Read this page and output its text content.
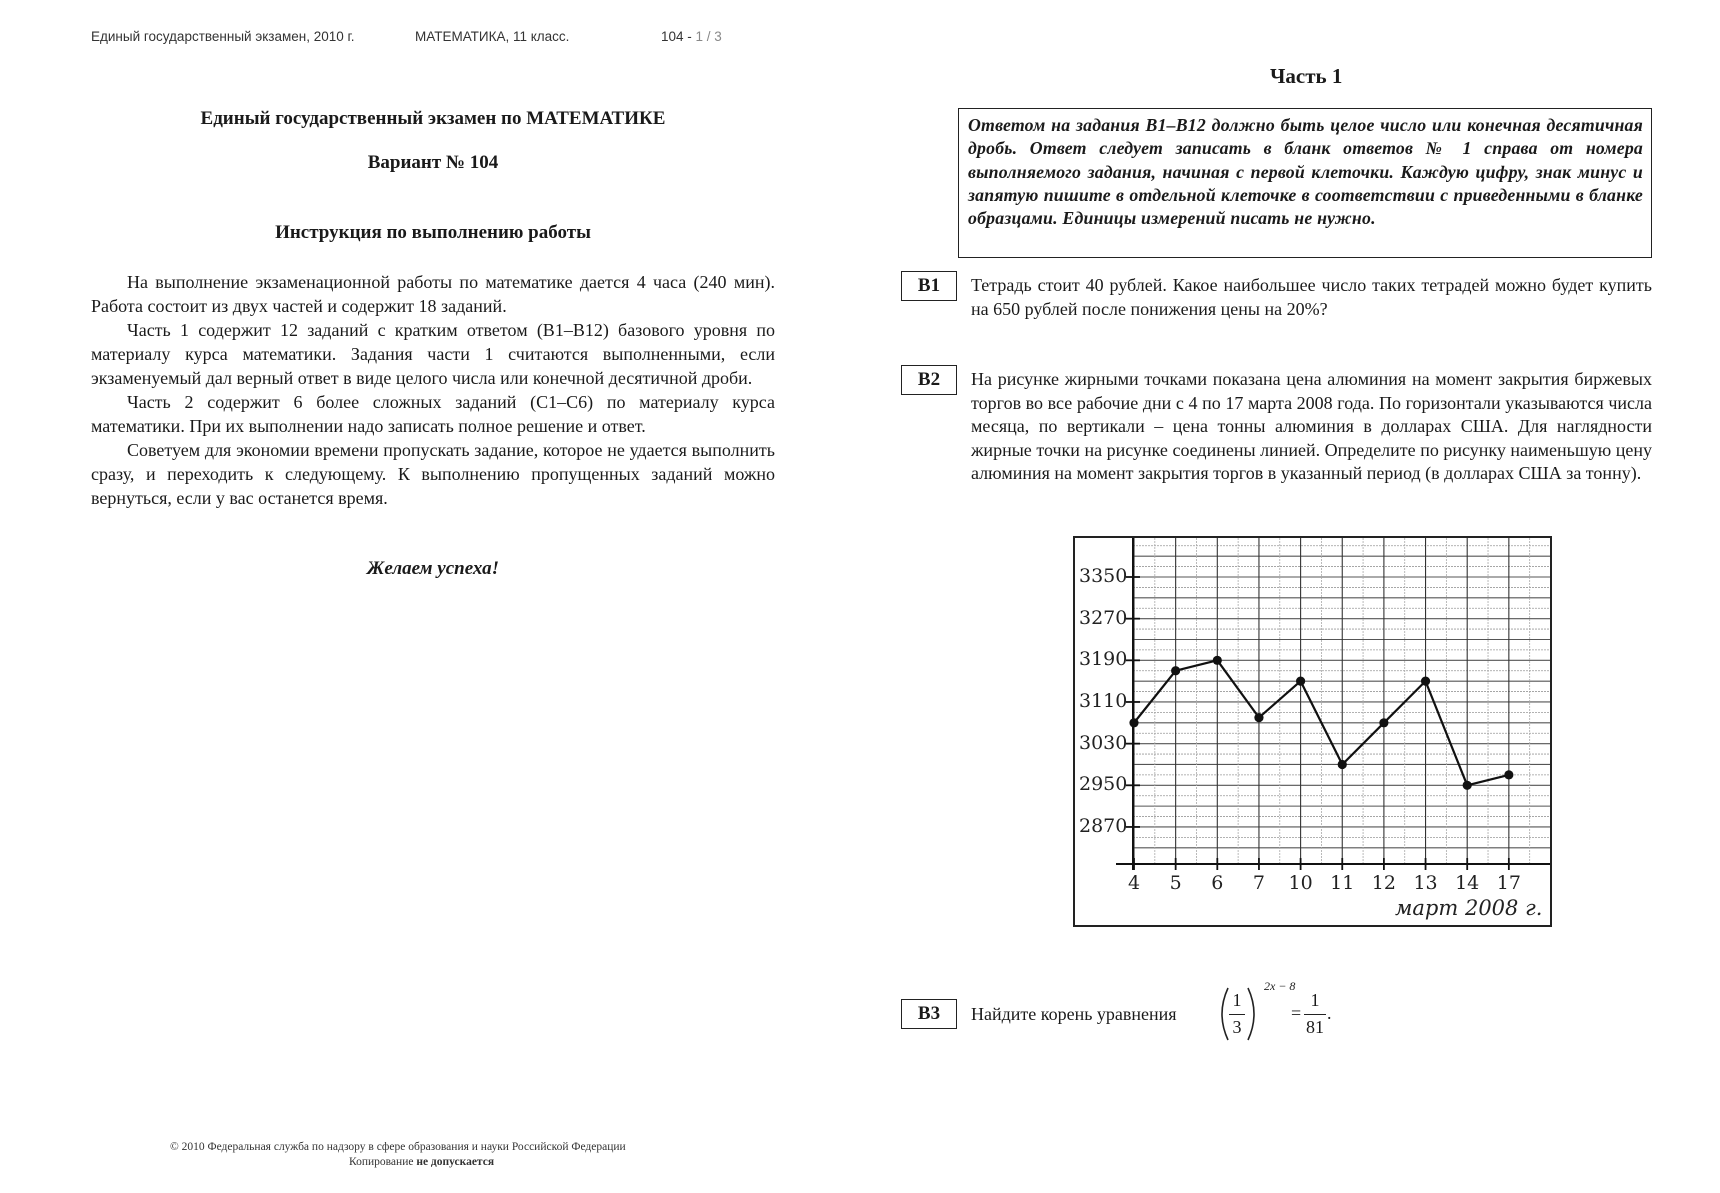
Единый государственный экзамен, 2010 г.	МАТЕМАТИКА, 11 класс.	104 - 1 / 3
Единый государственный экзамен по МАТЕМАТИКЕ
Вариант № 104
Инструкция по выполнению работы

На выполнение экзаменационной работы по математике дается 4 часа (240 мин). Работа состоит из двух частей и содержит 18 заданий.

Часть 1 содержит 12 заданий с кратким ответом (В1–В12) базового уровня по материалу курса математики. Задания части 1 считаются выполненными, если экзаменуемый дал верный ответ в виде целого числа или конечной десятичной дроби.

Часть 2 содержит 6 более сложных заданий (С1–С6) по материалу курса математики. При их выполнении надо записать полное решение и ответ.

Советуем для экономии времени пропускать задание, которое не удается выполнить сразу, и переходить к следующему. К выполнению пропущенных заданий можно вернуться, если у вас останется время.

Желаем успеха!
Часть 1
Ответом на задания В1–В12 должно быть целое число или конечная десятичная дробь. Ответ следует записать в бланк ответов № 1 справа от номера выполняемого задания, начиная с первой клеточки. Каждую цифру, знак минус и запятую пишите в отдельной клеточке в соответствии с приведенными в бланке образцами. Единицы измерений писать не нужно.
B1	Тетрадь стоит 40 рублей. Какое наибольшее число таких тетрадей можно будет купить на 650 рублей после понижения цены на 20%?

B2	На рисунке жирными точками показана цена алюминия на момент закрытия биржевых торгов во все рабочие дни с 4 по 17 марта 2008 года. По горизонтали указываются числа месяца, по вертикали – цена тонны алюминия в долларах США. Для наглядности жирные точки на рисунке соединены линией. Определите по рисунку наименьшую цену алюминия на момент закрытия торгов в указанный период (в долларах США за тонну).

3350
3270
3190
3110
3030
2950
2870
4	5	6	7	10 11 12 13 14 17
март 2008 г.
B3	Найдите корень уравнения
1
3
2x − 8
=
1
81
.
© 2010 Федеральная служба по надзору в сфере образования и науки Российской Федерации
Копирование не допускается
